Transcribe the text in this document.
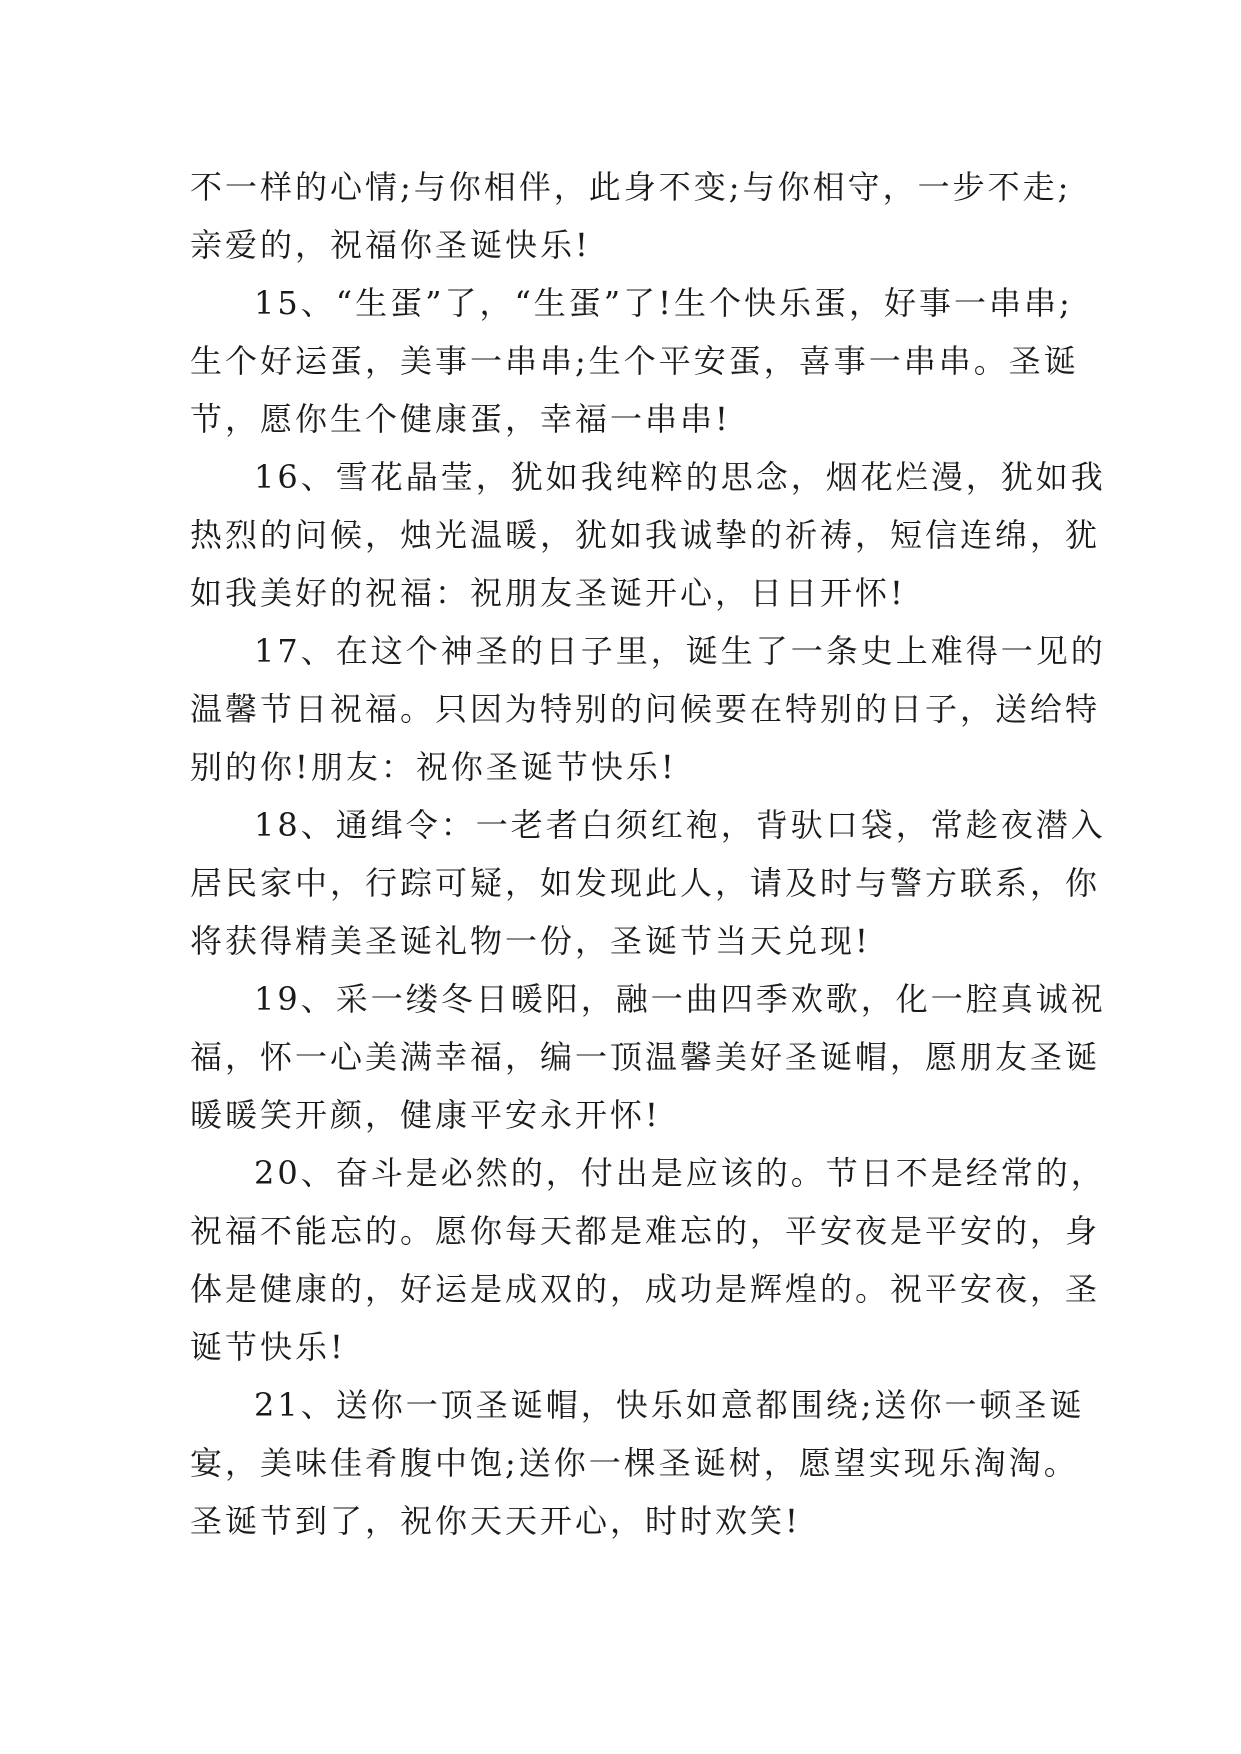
不一样的心情;与你相伴，此身不变;与你相守，一步不走;
亲爱的，祝福你圣诞快乐!
15、“生蛋”了，“生蛋”了!生个快乐蛋，好事一串串;
生个好运蛋，美事一串串;生个平安蛋，喜事一串串。圣诞
节，愿你生个健康蛋，幸福一串串!
16、雪花晶莹，犹如我纯粹的思念，烟花烂漫，犹如我
热烈的问候，烛光温暖，犹如我诚挚的祈祷，短信连绵，犹
如我美好的祝福：祝朋友圣诞开心，日日开怀!
17、在这个神圣的日子里，诞生了一条史上难得一见的
温馨节日祝福。只因为特别的问候要在特别的日子，送给特
别的你!朋友：祝你圣诞节快乐!
18、通缉令：一老者白须红袍，背驮口袋，常趁夜潜入
居民家中，行踪可疑，如发现此人，请及时与警方联系，你
将获得精美圣诞礼物一份，圣诞节当天兑现!
19、采一缕冬日暖阳，融一曲四季欢歌，化一腔真诚祝
福，怀一心美满幸福，编一顶温馨美好圣诞帽，愿朋友圣诞
暖暖笑开颜，健康平安永开怀!
20、奋斗是必然的，付出是应该的。节日不是经常的，
祝福不能忘的。愿你每天都是难忘的，平安夜是平安的，身
体是健康的，好运是成双的，成功是辉煌的。祝平安夜，圣
诞节快乐!
21、送你一顶圣诞帽，快乐如意都围绕;送你一顿圣诞
宴，美味佳肴腹中饱;送你一棵圣诞树，愿望实现乐淘淘。
圣诞节到了，祝你天天开心，时时欢笑!
